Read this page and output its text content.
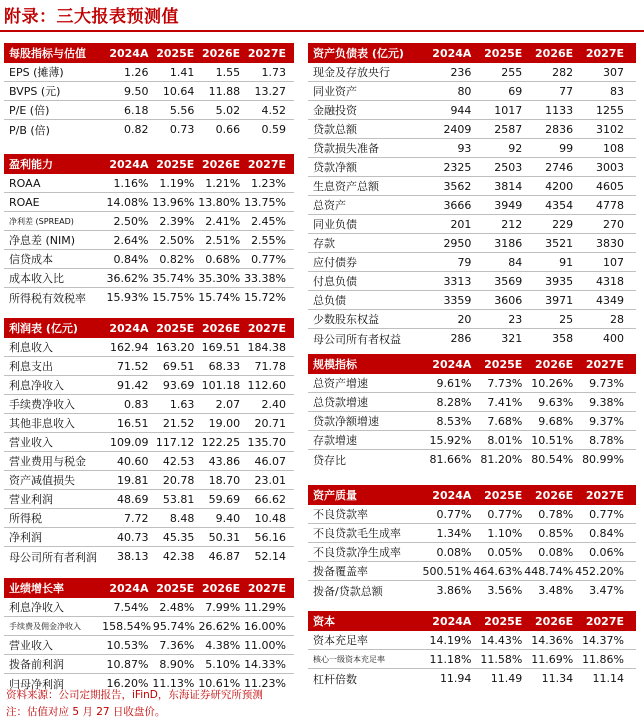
附录：三大报表预测值
每股指标与估值	2024A 2025E 2026E 2027E
EPS (摊薄)	1.26	1.41	1.55	1.73
BVPS (元)	9.50	10.64	11.88	13.27
P/E (倍)	6.18	5.56	5.02	4.52
P/B (倍)	0.82	0.73	0.66	0.59
盈利能力	2024A 2025E 2026E 2027E
ROAA	1.16% 1.19% 1.21% 1.23%
ROAE	14.08% 13.96% 13.80% 13.75%
净利差 (SPREAD)	2.50% 2.39% 2.41% 2.45%
净息差 (NIM)	2.64% 2.50% 2.51% 2.55%
信贷成本	0.84% 0.82% 0.68% 0.77%
成本收入比	36.62% 35.74% 35.30% 33.38%
所得税有效税率	15.93% 15.75% 15.74% 15.72%
利润表 (亿元)	2024A 2025E 2026E 2027E
利息收入	162.94 163.20 169.51 184.38
利息支出	71.52	69.51	68.33	71.78
利息净收入	91.42	93.69 101.18 112.60
手续费净收入	0.83	1.63	2.07	2.40
其他非息收入	16.51	21.52	19.00	20.71
营业收入	109.09 117.12 122.25 135.70
营业费用与税金	40.60	42.53	43.86	46.07
资产减值损失	19.81	20.78	18.70	23.01
营业利润	48.69	53.81	59.69	66.62
所得税	7.72	8.48	9.40	10.48
净利润	40.73	45.35	50.31	56.16
母公司所有者利润	38.13	42.38	46.87	52.14
业绩增长率	2024A 2025E 2026E 2027E
利息净收入	7.54% 2.48% 7.99% 11.29%
手续费及佣金净收入	158.54% 95.74% 26.62% 16.00%
营业收入	10.53% 7.36% 4.38% 11.00%
拨备前利润	10.87% 8.90% 5.10% 14.33%
归母净利润	16.20% 11.13% 10.61% 11.23%
资产负债表 (亿元)	2024A	2025E	2026E	2027E
现金及存放央行	236	255	282	307
同业资产	80	69	77	83
金融投资	944	1017	1133	1255
贷款总额	2409	2587	2836	3102
贷款损失准备	93	92	99	108
贷款净额	2325	2503	2746	3003
生息资产总额	3562	3814	4200	4605
总资产	3666	3949	4354	4778
同业负债	201	212	229	270
存款	2950	3186	3521	3830
应付债券	79	84	91	107
付息负债	3313	3569	3935	4318
总负债	3359	3606	3971	4349
少数股东权益	20	23	25	28
母公司所有者权益	286	321	358	400
规模指标	2024A	2025E	2026E	2027E
总资产增速	9.61%	7.73% 10.26%	9.73%
总贷款增速	8.28%	7.41%	9.63%	9.38%
贷款净额增速	8.53%	7.68%	9.68%	9.37%
存款增速	15.92%	8.01% 10.51%	8.78%
贷存比	81.66% 81.20% 80.54% 80.99%
资产质量	2024A	2025E	2026E	2027E
不良贷款率	0.77%	0.77%	0.78%	0.77%
不良贷款毛生成率	1.34%	1.10%	0.85%	0.84%
不良贷款净生成率	0.08%	0.05%	0.08%	0.06%
拨备覆盖率	500.51% 464.63% 448.74% 452.20%
拨备/贷款总额	3.86%	3.56%	3.48%	3.47%
资本	2024A	2025E	2026E	2027E
资本充足率	14.19% 14.43% 14.36% 14.37%
核心一级资本充足率	11.18% 11.58% 11.69% 11.86%
杠杆倍数	11.94	11.49	11.34	11.14
资料来源：公司定期报告，iFinD，东海证券研究所预测
注：估值对应 5 月 27 日收盘价。
